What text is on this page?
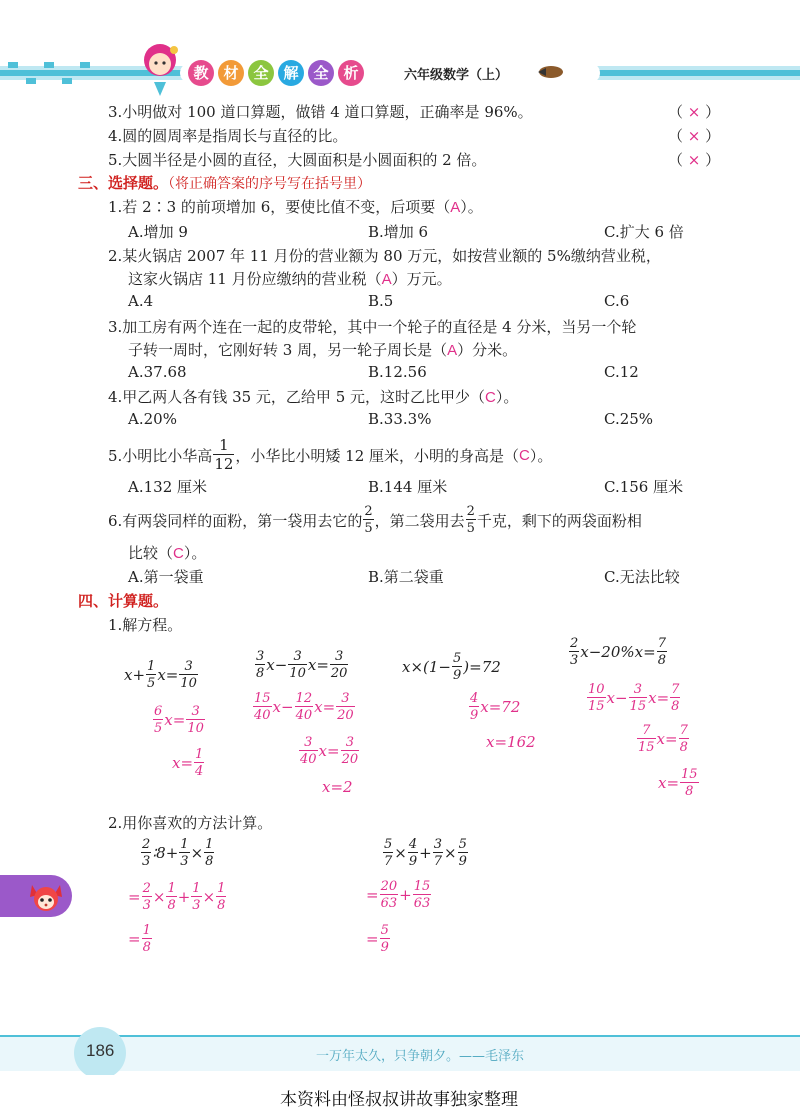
教 材 全 解 全 析	六年级数学（上）
3.小明做对 100 道口算题，做错 4 道口算题，正确率是 96%。	（ × ）
4.圆的圆周率是指周长与直径的比。	（ × ）
5.大圆半径是小圆的直径，大圆面积是小圆面积的 2 倍。	（ × ）
三、选择题。（将正确答案的序号写在括号里）
1.若 2∶3 的前项增加 6，要使比值不变，后项要（A）。
A.增加 9	B.增加 6	C.扩大 6 倍
2.某火锅店 2007 年 11 月份的营业额为 80 万元，如按营业额的 5%缴纳营业税，
这家火锅店 11 月份应缴纳的营业税（A）万元。
A.4	B.5	C.6
3.加工房有两个连在一起的皮带轮，其中一个轮子的直径是 4 分米，当另一个轮
子转一周时，它刚好转 3 周，另一轮子周长是（A）分米。
A.37.68	B.12.56	C.12
4.甲乙两人各有钱 35 元，乙给甲 5 元，这时乙比甲少（C）。
A.20%	B.33.3%	C.25%
5.小明比小华高 $\frac{1}{12}$ ，小华比小明矮 12 厘米，小明的身高是（ C ）。
A.132 厘米	B.144 厘米	C.156 厘米
6.有两袋同样的面粉，第一袋用去它的 $\frac{2}{5}$ ，第二袋用去 $\frac{2}{5}$ 千克，剩下的两袋面粉相
比较（C）。
A.第一袋重	B.第二袋重	C.无法比较
四、计算题。
1.解方程。
$x+ \frac{1}{5} x= \frac{3}{10}$
$\frac{6}{5} x= \frac{3}{10}$
$x= \frac{1}{4}$
$\frac{3}{8} x- \frac{3}{10} x= \frac{3}{20}$
$\frac{15}{40} x- \frac{12}{40} x= \frac{3}{20}$
$\frac{3}{40} x= \frac{3}{20}$
x=2
$x\times(1- \frac{5}{9} )=72$
$\frac{4}{9} x=72$
x=162
$\frac{2}{3} x-20\%x= \frac{7}{8}$
$\frac{10}{15} x- \frac{3}{15} x= \frac{7}{8}$
$\frac{7}{15} x= \frac{7}{8}$
$x= \frac{15}{8}$
2.用你喜欢的方法计算。
$\frac{2}{3}$ ∶8+ $\frac{1}{3} \times \frac{1}{8}$
= $\frac{2}{3} \times \frac{1}{8} + \frac{1}{3} \times \frac{1}{8}$
= $\frac{1}{8}$
$\frac{5}{7} \times \frac{4}{9} + \frac{3}{7} \times \frac{5}{9}$
= $\frac{20}{63} + \frac{15}{63}$
= $\frac{5}{9}$
186	一万年太久，只争朝夕。——毛泽东
本资料由怪叔叔讲故事独家整理
